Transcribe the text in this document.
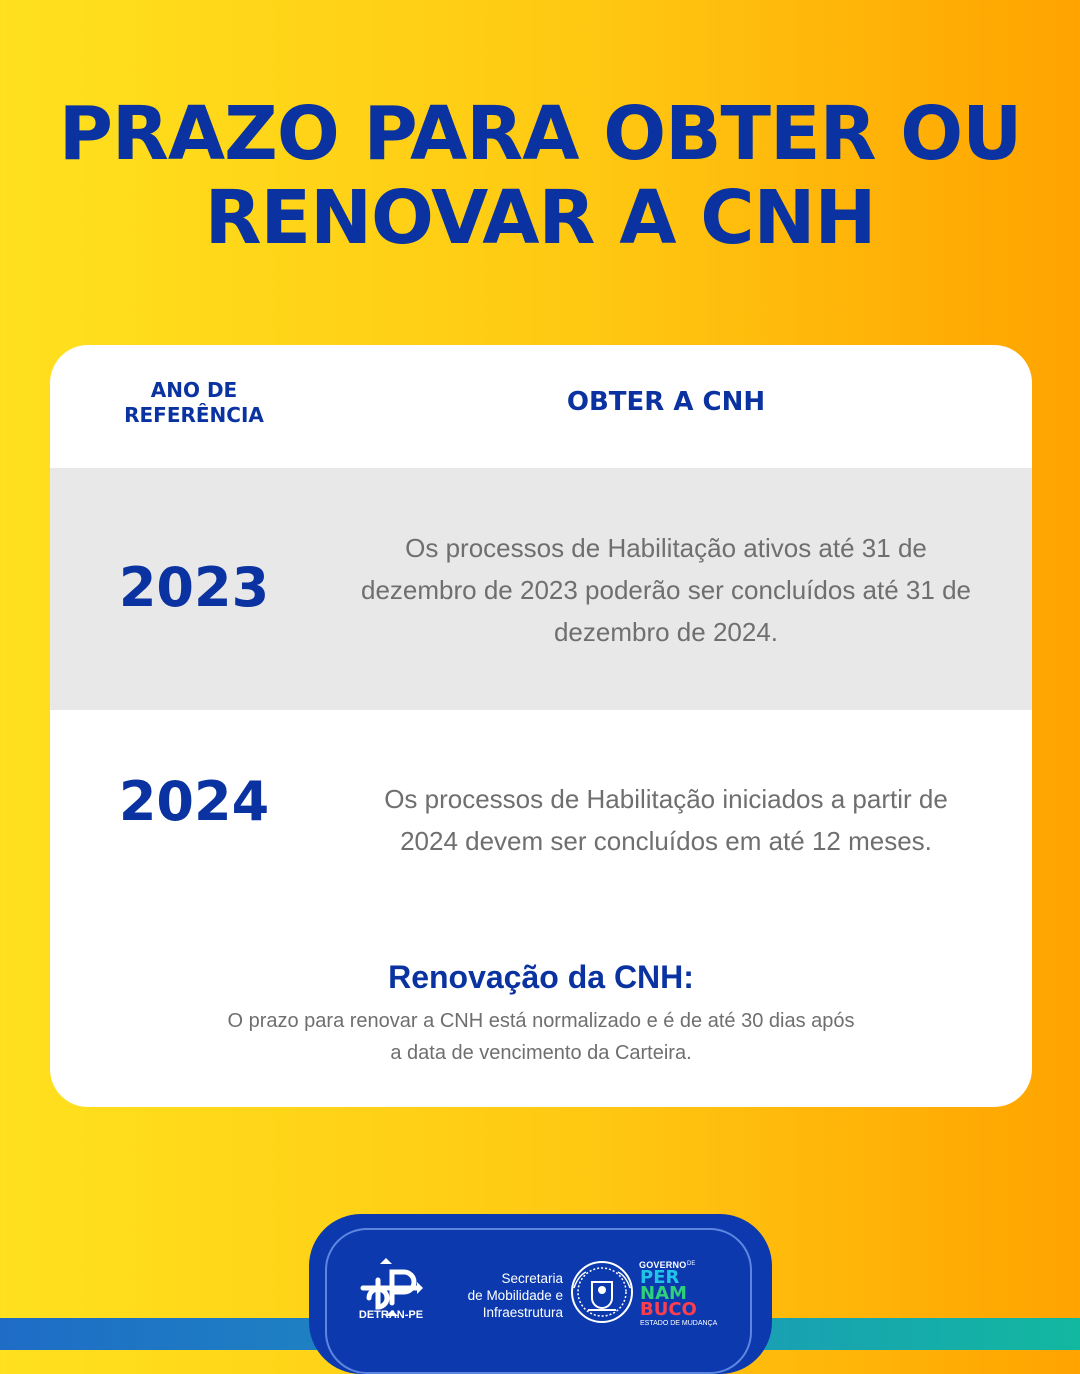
PRAZO PARA OBTER OU
RENOVAR A CNH
ANO DE
REFERÊNCIA	OBTER A CNH
2023
Os processos de Habilitação ativos até 31 de dezembro de 2023 poderão ser concluídos até 31 de dezembro de 2024.
2024	Os processos de Habilitação iniciados a partir de 2024 devem ser concluídos em até 12 meses.
Renovação da CNH:
O prazo para renovar a CNH está normalizado e é de até 30 dias após a data de vencimento da Carteira.
DETRAN-PE
Secretaria
de Mobilidade e
Infraestrutura
GOVERNO DE
PER
NAM
BUCO
ESTADO DE MUDANÇA
